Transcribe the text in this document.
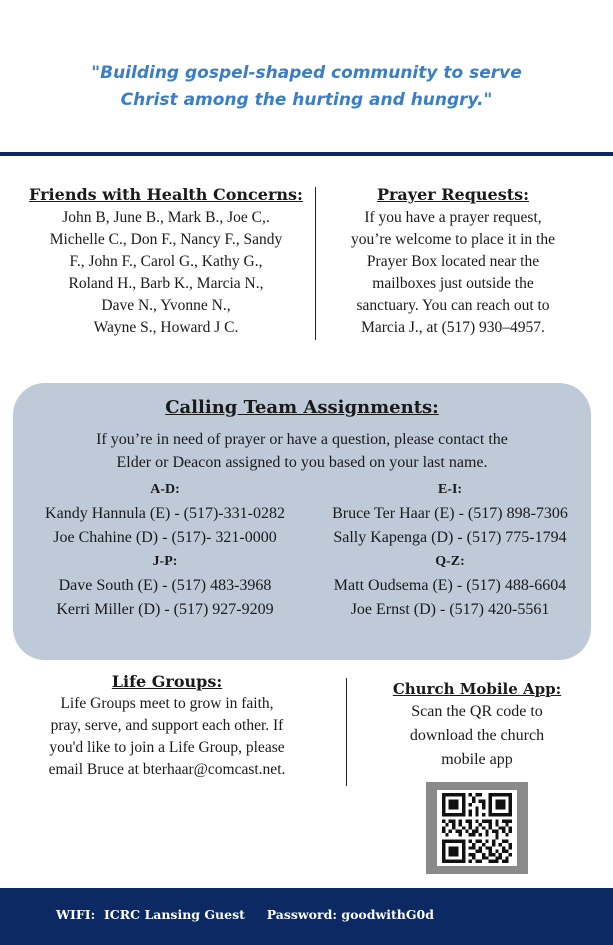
"Building gospel-shaped community to serve
Christ among the hurting and hungry."
Friends with Health Concerns:
John B, June B., Mark B., Joe C,.
Michelle C., Don F., Nancy F., Sandy
F., John F., Carol G., Kathy G.,
Roland H., Barb K., Marcia N.,
Dave N., Yvonne N.,
Wayne S., Howard J C.
Prayer Requests:
If you have a prayer request,
you’re welcome to place it in the
Prayer Box located near the
mailboxes just outside the
sanctuary. You can reach out to
Marcia J., at (517) 930–4957.
Calling Team Assignments:
If you’re in need of prayer or have a question, please contact the
Elder or Deacon assigned to you based on your last name.
A-D:
Kandy Hannula (E) - (517)-331-0282
Joe Chahine (D) - (517)- 321-0000
J-P:
Dave South (E) - (517) 483-3968
Kerri Miller (D) - (517) 927-9209
E-I:
Bruce Ter Haar (E) - (517) 898-7306
Sally Kapenga (D) - (517) 775-1794
Q-Z:
Matt Oudsema (E) - (517) 488-6604
Joe Ernst (D) - (517) 420-5561
Life Groups:
Life Groups meet to grow in faith,
pray, serve, and support each other. If
you'd like to join a Life Group, please
email Bruce at bterhaar@comcast.net.
Church Mobile App:
Scan the QR code to
download the church
mobile app
WIFI: ICRC Lansing Guest Password: goodwithG0d
